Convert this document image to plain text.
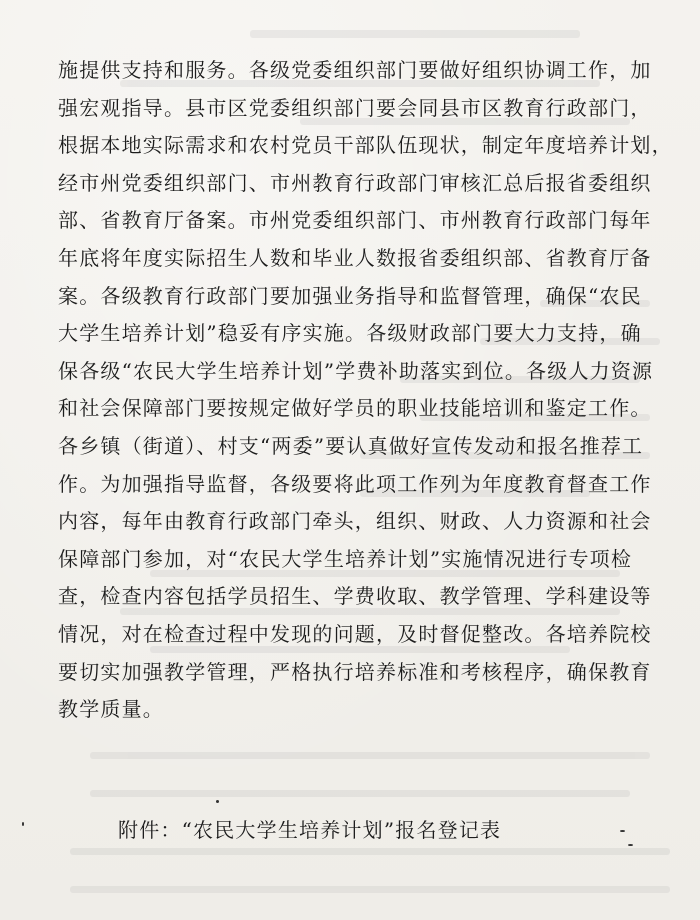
施提供支持和服务。各级党委组织部门要做好组织协调工作，加
强宏观指导。县市区党委组织部门要会同县市区教育行政部门，
根据本地实际需求和农村党员干部队伍现状，制定年度培养计划，
经市州党委组织部门、市州教育行政部门审核汇总后报省委组织
部、省教育厅备案。市州党委组织部门、市州教育行政部门每年
年底将年度实际招生人数和毕业人数报省委组织部、省教育厅备
案。各级教育行政部门要加强业务指导和监督管理，确保“农民
大学生培养计划”稳妥有序实施。各级财政部门要大力支持，确
保各级“农民大学生培养计划”学费补助落实到位。各级人力资源
和社会保障部门要按规定做好学员的职业技能培训和鉴定工作。
各乡镇（街道）、村支“两委”要认真做好宣传发动和报名推荐工
作。为加强指导监督，各级要将此项工作列为年度教育督查工作
内容，每年由教育行政部门牵头，组织、财政、人力资源和社会
保障部门参加，对“农民大学生培养计划”实施情况进行专项检
查，检查内容包括学员招生、学费收取、教学管理、学科建设等
情况，对在检查过程中发现的问题，及时督促整改。各培养院校
要切实加强教学管理，严格执行培养标准和考核程序，确保教育
教学质量。
附件：“农民大学生培养计划”报名登记表
